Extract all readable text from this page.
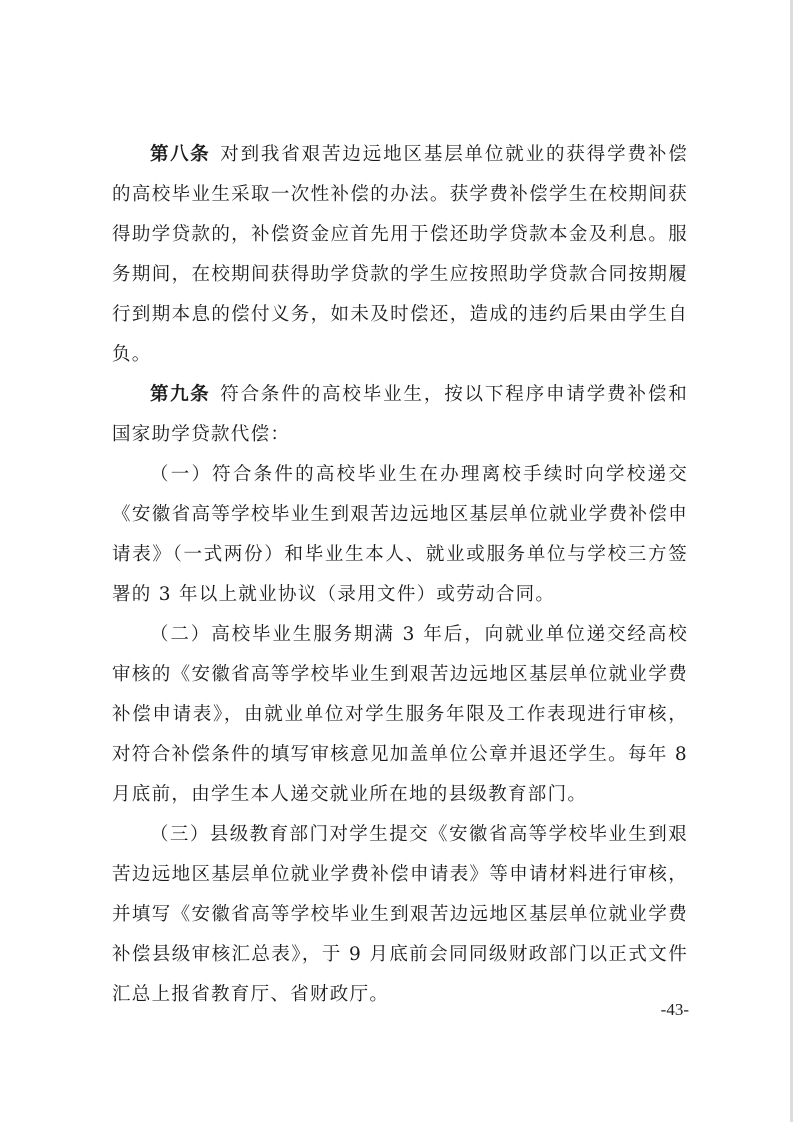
第八条 对到我省艰苦边远地区基层单位就业的获得学费补偿的高校毕业生采取一次性补偿的办法。获学费补偿学生在校期间获得助学贷款的，补偿资金应首先用于偿还助学贷款本金及利息。服务期间，在校期间获得助学贷款的学生应按照助学贷款合同按期履行到期本息的偿付义务，如未及时偿还，造成的违约后果由学生自负。

第九条 符合条件的高校毕业生，按以下程序申请学费补偿和国家助学贷款代偿：

（一）符合条件的高校毕业生在办理离校手续时向学校递交《安徽省高等学校毕业生到艰苦边远地区基层单位就业学费补偿申请表》（一式两份）和毕业生本人、就业或服务单位与学校三方签署的 3 年以上就业协议（录用文件）或劳动合同。

（二）高校毕业生服务期满 3 年后，向就业单位递交经高校审核的《安徽省高等学校毕业生到艰苦边远地区基层单位就业学费补偿申请表》，由就业单位对学生服务年限及工作表现进行审核，对符合补偿条件的填写审核意见加盖单位公章并退还学生。每年 8 月底前，由学生本人递交就业所在地的县级教育部门。

（三）县级教育部门对学生提交《安徽省高等学校毕业生到艰苦边远地区基层单位就业学费补偿申请表》等申请材料进行审核，并填写《安徽省高等学校毕业生到艰苦边远地区基层单位就业学费补偿县级审核汇总表》，于 9 月底前会同同级财政部门以正式文件汇总上报省教育厅、省财政厅。

-43-
